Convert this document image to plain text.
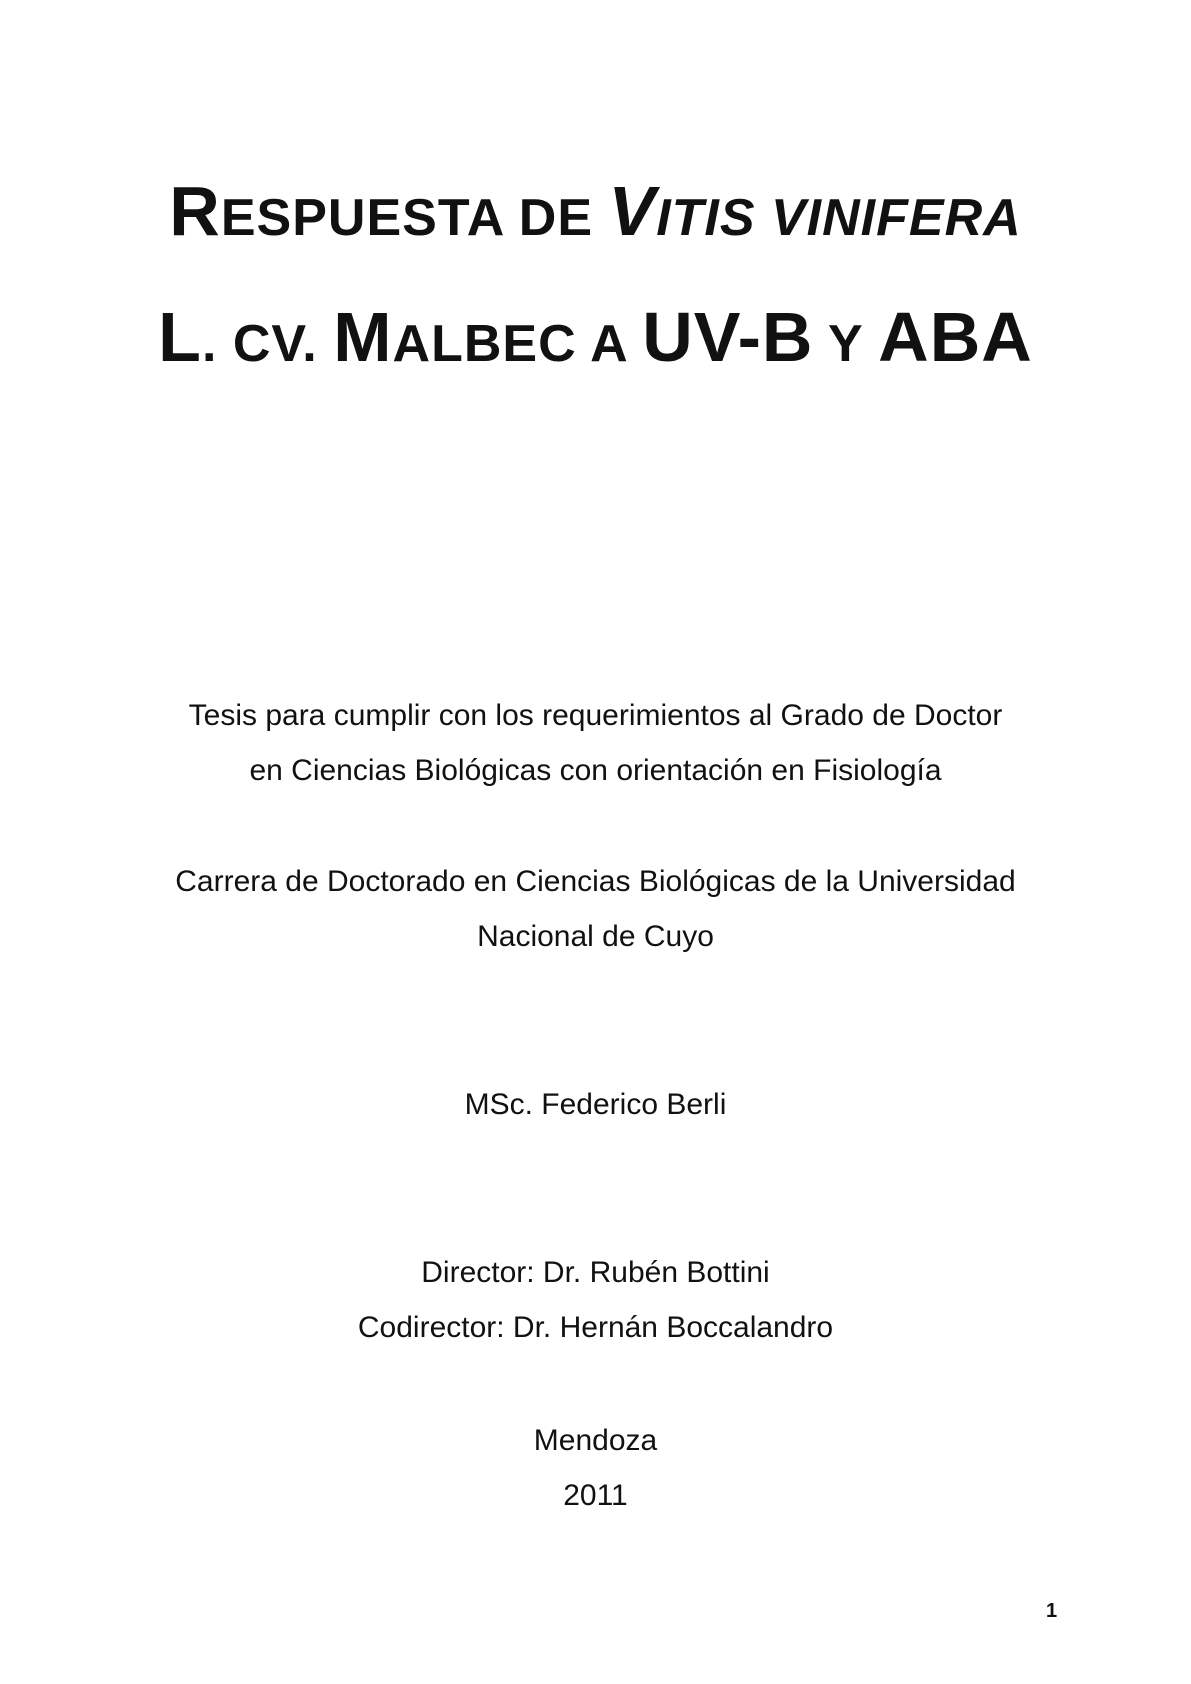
RESPUESTA DE VITIS VINIFERA
L. CV. MALBEC A UV-B Y ABA
Tesis para cumplir con los requerimientos al Grado de Doctor
en Ciencias Biológicas con orientación en Fisiología
Carrera de Doctorado en Ciencias Biológicas de la Universidad
Nacional de Cuyo
MSc. Federico Berli
Director: Dr. Rubén Bottini
Codirector: Dr. Hernán Boccalandro
Mendoza
2011
1
